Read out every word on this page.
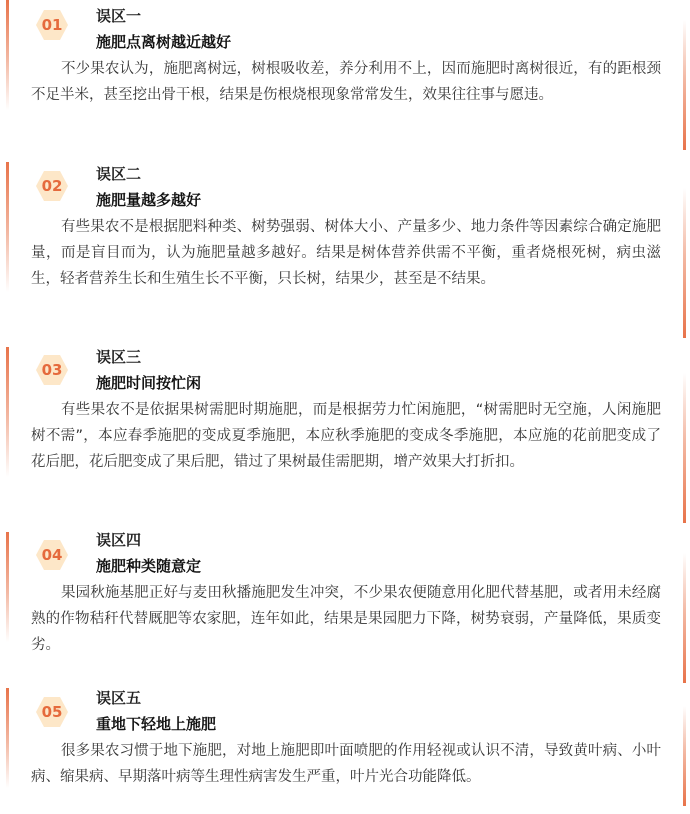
01	误区一
施肥点离树越近越好
不少果农认为，施肥离树远，树根吸收差，养分利用不上，因而施肥时离树很近，有的距根颈不足半米，甚至挖出骨干根，结果是伤根烧根现象常常发生，效果往往事与愿违。
02
误区二
施肥量越多越好
有些果农不是根据肥料种类、树势强弱、树体大小、产量多少、地力条件等因素综合确定施肥量，而是盲目而为，认为施肥量越多越好。结果是树体营养供需不平衡，重者烧根死树，病虫滋生，轻者营养生长和生殖生长不平衡，只长树，结果少，甚至是不结果。
03
误区三
施肥时间按忙闲
有些果农不是依据果树需肥时期施肥，而是根据劳力忙闲施肥，“树需肥时无空施，人闲施肥树不需”，本应春季施肥的变成夏季施肥，本应秋季施肥的变成冬季施肥，本应施的花前肥变成了花后肥，花后肥变成了果后肥，错过了果树最佳需肥期，增产效果大打折扣。
04
误区四
施肥种类随意定
果园秋施基肥正好与麦田秋播施肥发生冲突，不少果农便随意用化肥代替基肥，或者用未经腐熟的作物秸秆代替厩肥等农家肥，连年如此，结果是果园肥力下降，树势衰弱，产量降低，果质变劣。
05
误区五
重地下轻地上施肥
很多果农习惯于地下施肥，对地上施肥即叶面喷肥的作用轻视或认识不清，导致黄叶病、小叶病、缩果病、早期落叶病等生理性病害发生严重，叶片光合功能降低。
